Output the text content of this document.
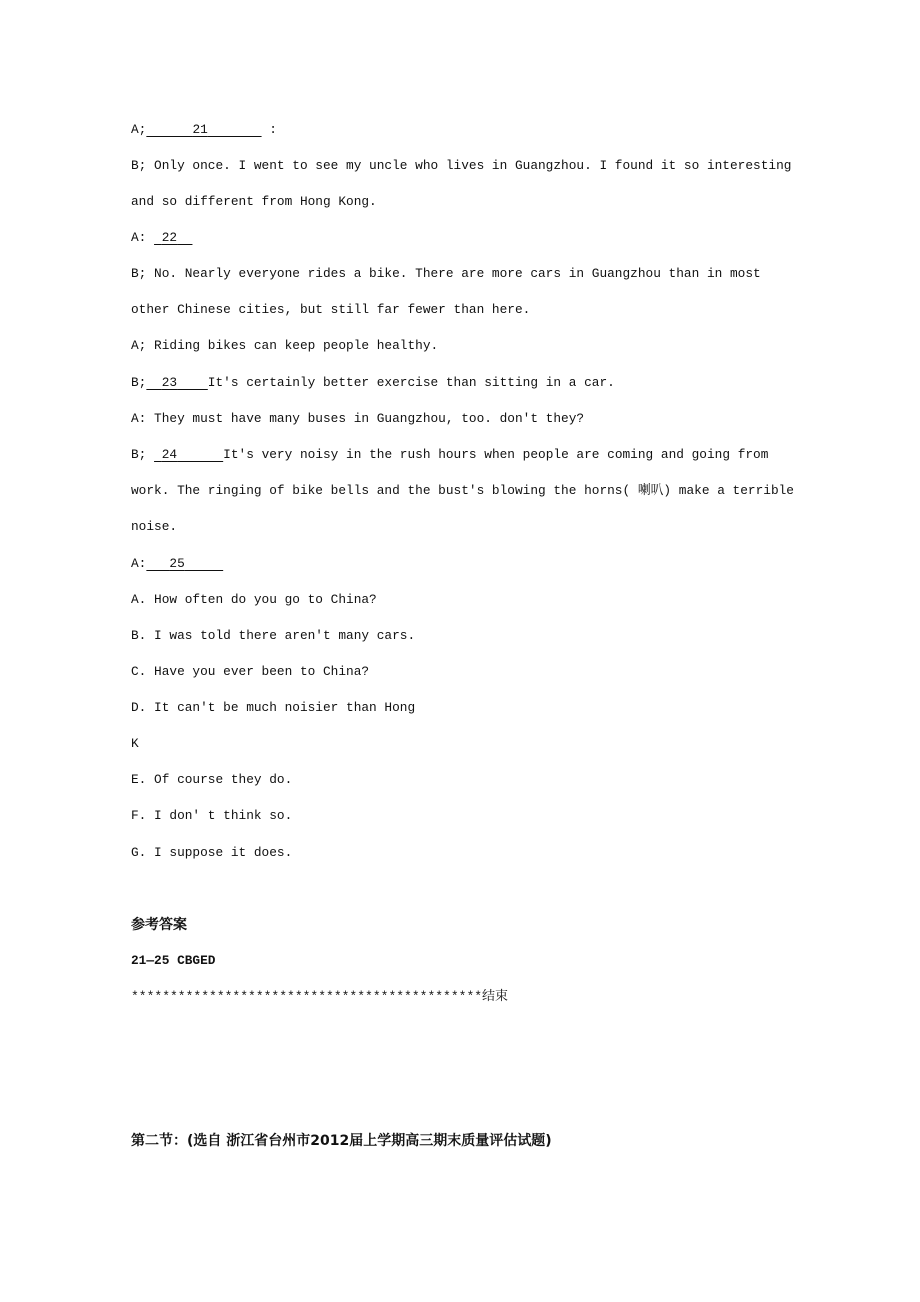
A;	21	:
B; Only once. I went to see my uncle who lives in Guangzhou. I found it so interesting
and so different from Hong Kong.
A:  22
B; No. Nearly everyone rides a bike. There are more cars in Guangzhou than in most
other Chinese cities, but still far fewer than here.
A; Riding bikes can keep people healthy.
B; 23 It's certainly better exercise than sitting in a car.
A: They must have many buses in Guangzhou, too. don't they?
B;  24	It's very noisy in the rush hours when people are coming and going from
work. The ringing of bike bells and the bust's blowing the horns( 喇叭) make a terrible
noise.
A: 25
A. How often do you go to China?
B. I was told there aren't many cars.
C. Have you ever been to China?
D. It can't be much noisier than Hong
K
E. Of course they do.
F. I don' t think so.
G. I suppose it does.
参考答案
21—25 CBGED
*********************************************结束
第二节：(选自 浙江省台州市2012届上学期高三期末质量评估试题)
